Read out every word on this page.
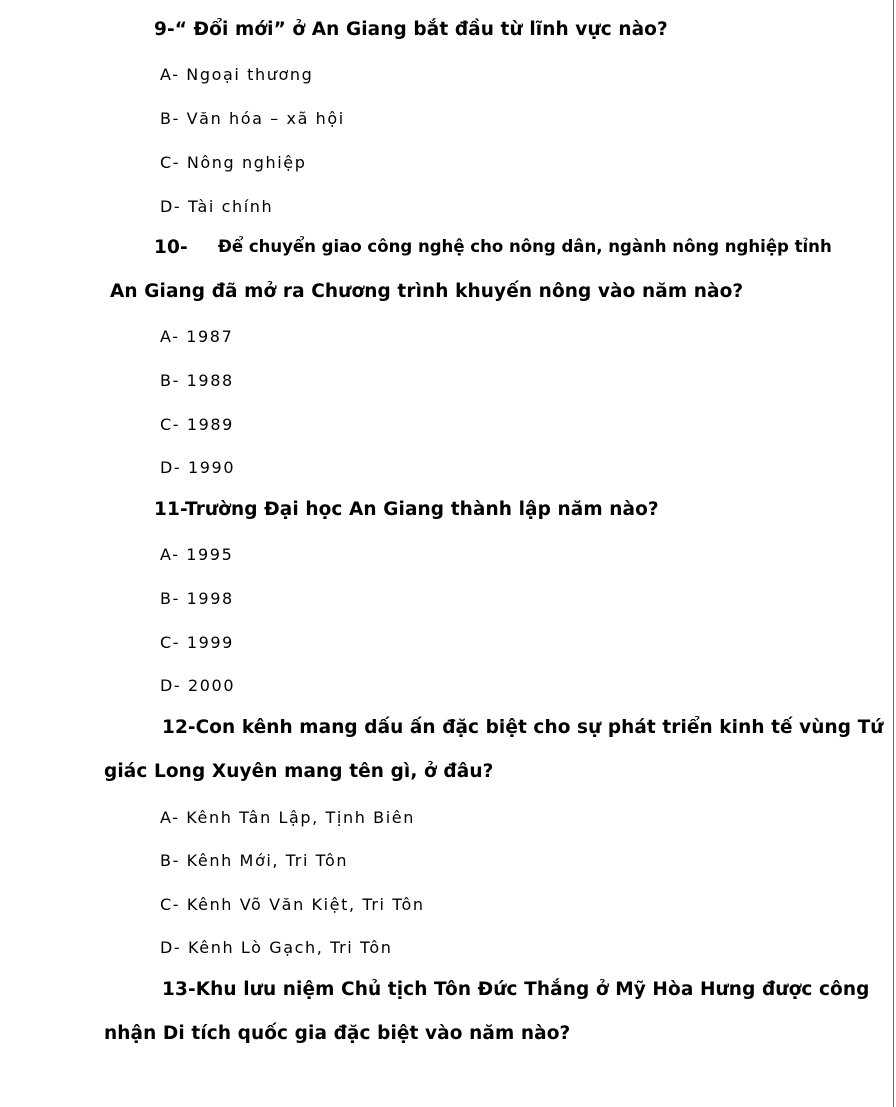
9-“ Đổi mới” ở An Giang bắt đầu từ lĩnh vực nào?
A- Ngoại thương
B- Văn hóa – xã hội
C- Nông nghiệp
D- Tài chính
10- Để chuyển giao công nghệ cho nông dân, ngành nông nghiệp tỉnh
An Giang đã mở ra Chương trình khuyến nông vào năm nào?
A- 1987
B- 1988
C- 1989
D- 1990
11-Trường Đại học An Giang thành lập năm nào?
A- 1995
B- 1998
C- 1999
D- 2000
12-Con kênh mang dấu ấn đặc biệt cho sự phát triển kinh tế vùng Tứ
giác Long Xuyên mang tên gì, ở đâu?
A- Kênh Tân Lập, Tịnh Biên
B- Kênh Mới, Tri Tôn
C- Kênh Võ Văn Kiệt, Tri Tôn
D- Kênh Lò Gạch, Tri Tôn
13-Khu lưu niệm Chủ tịch Tôn Đức Thắng ở Mỹ Hòa Hưng được công
nhận Di tích quốc gia đặc biệt vào năm nào?
